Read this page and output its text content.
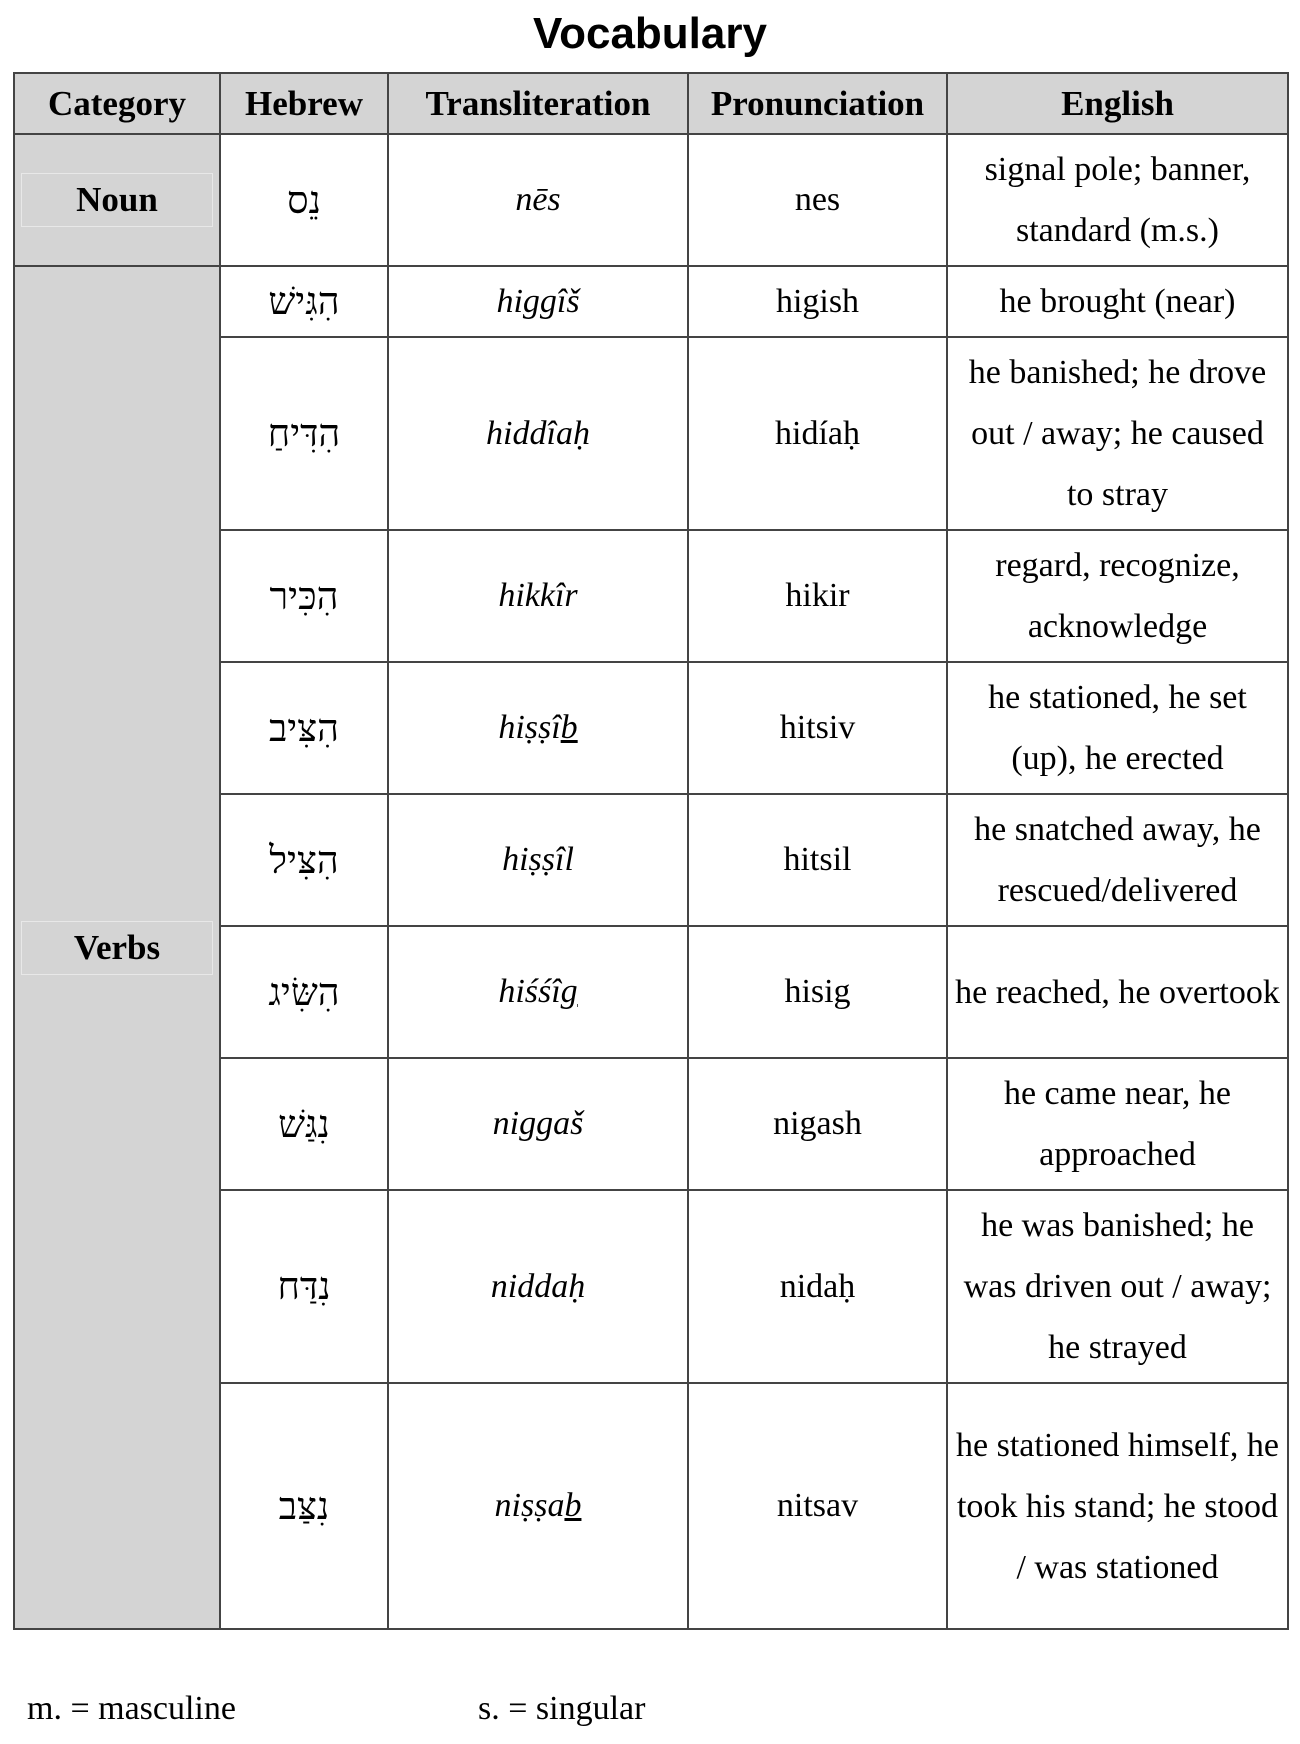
Vocabulary
Category	Hebrew	Transliteration	Pronunciation	English

Noun	נֵס	nēs	nes	signal pole; banner, standard (m.s.)

Verbs	הִגִּישׁ	higgîš	higish	he brought (near)
	הִדִּיחַ	hiddîaḥ	hidíaḥ	he banished; he drove out / away; he caused to stray
	הִכִּיר	hikkîr	hikir	regard, recognize, acknowledge
	הִצִּיב	hiṣṣîb	hitsiv	he stationed, he set (up), he erected
	הִצִּיל	hiṣṣîl	hitsil	he snatched away, he rescued/delivered
	הִשִּׂיג	hiśśîg	hisig	he reached, he overtook
	נִגַּשׁ	niggaš	nigash	he came near, he approached
	נִדַּח	niddaḥ	nidaḥ	he was banished; he was driven out / away; he strayed
	נִצַּב	niṣṣab	nitsav	he stationed himself, he took his stand; he stood / was stationed
m. = masculine	s. = singular
